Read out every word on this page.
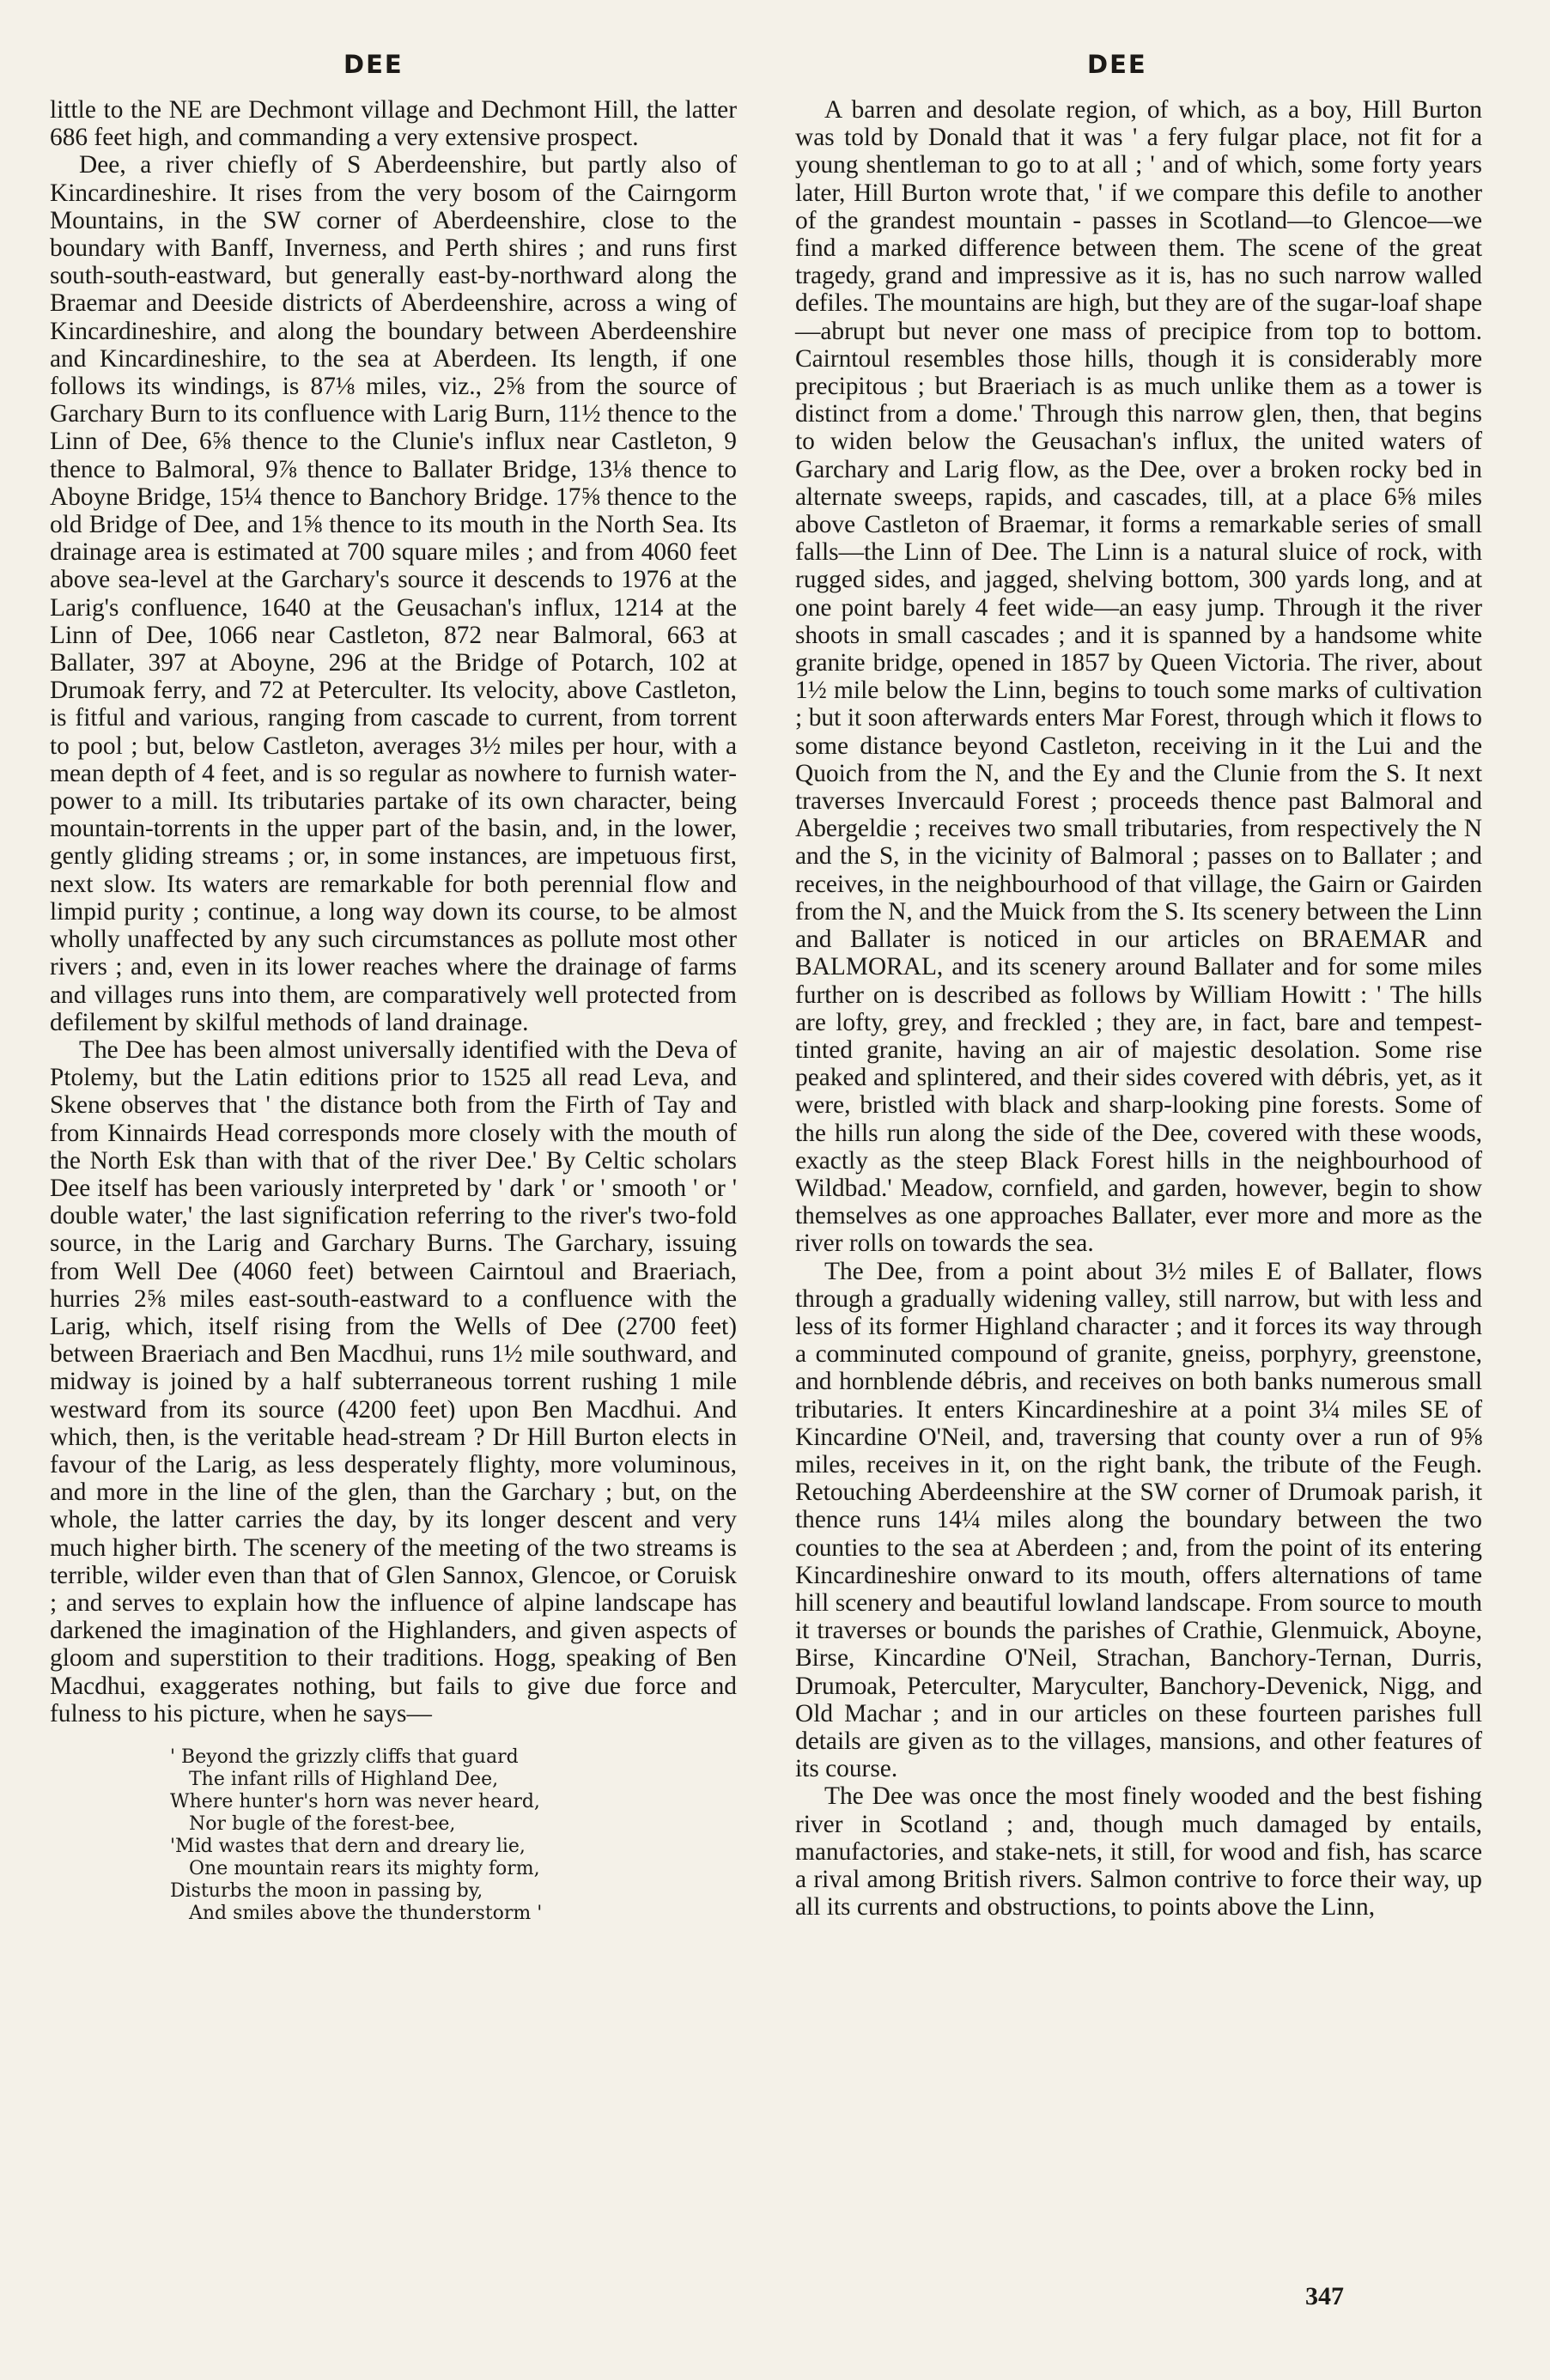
DEE	DEE

little to the NE are Dechmont village and Dechmont Hill, the latter 686 feet high, and commanding a very extensive prospect.

Dee, a river chiefly of S Aberdeenshire, but partly also of Kincardineshire. It rises from the very bosom of the Cairngorm Mountains, in the SW corner of Aberdeenshire, close to the boundary with Banff, Inverness, and Perth shires ; and runs first south-south-eastward, but generally east-by-northward along the Braemar and Deeside districts of Aberdeenshire, across a wing of Kincardineshire, and along the boundary between Aberdeenshire and Kincardineshire, to the sea at Aberdeen. Its length, if one follows its windings, is 87⅛ miles, viz., 2⅝ from the source of Garchary Burn to its confluence with Larig Burn, 11½ thence to the Linn of Dee, 6⅝ thence to the Clunie's influx near Castleton, 9 thence to Balmoral, 9⅞ thence to Ballater Bridge, 13⅛ thence to Aboyne Bridge, 15¼ thence to Banchory Bridge. 17⅝ thence to the old Bridge of Dee, and 1⅝ thence to its mouth in the North Sea. Its drainage area is estimated at 700 square miles ; and from 4060 feet above sea-level at the Garchary's source it descends to 1976 at the Larig's confluence, 1640 at the Geusachan's influx, 1214 at the Linn of Dee, 1066 near Castleton, 872 near Balmoral, 663 at Ballater, 397 at Aboyne, 296 at the Bridge of Potarch, 102 at Drumoak ferry, and 72 at Peterculter. Its velocity, above Castleton, is fitful and various, ranging from cascade to current, from torrent to pool ; but, below Castleton, averages 3½ miles per hour, with a mean depth of 4 feet, and is so regular as nowhere to furnish water-power to a mill. Its tributaries partake of its own character, being mountain-torrents in the upper part of the basin, and, in the lower, gently gliding streams ; or, in some instances, are impetuous first, next slow. Its waters are remarkable for both perennial flow and limpid purity ; continue, a long way down its course, to be almost wholly unaffected by any such circumstances as pollute most other rivers ; and, even in its lower reaches where the drainage of farms and villages runs into them, are comparatively well protected from defilement by skilful methods of land drainage.

The Dee has been almost universally identified with the Deva of Ptolemy, but the Latin editions prior to 1525 all read Leva, and Skene observes that ' the distance both from the Firth of Tay and from Kinnairds Head corresponds more closely with the mouth of the North Esk than with that of the river Dee.' By Celtic scholars Dee itself has been variously interpreted by ' dark ' or ' smooth ' or ' double water,' the last signification referring to the river's two-fold source, in the Larig and Garchary Burns. The Garchary, issuing from Well Dee (4060 feet) between Cairntoul and Braeriach, hurries 2⅝ miles east-south-eastward to a confluence with the Larig, which, itself rising from the Wells of Dee (2700 feet) between Braeriach and Ben Macdhui, runs 1½ mile southward, and midway is joined by a half subterraneous torrent rushing 1 mile westward from its source (4200 feet) upon Ben Macdhui. And which, then, is the veritable head-stream ? Dr Hill Burton elects in favour of the Larig, as less desperately flighty, more voluminous, and more in the line of the glen, than the Garchary ; but, on the whole, the latter carries the day, by its longer descent and very much higher birth. The scenery of the meeting of the two streams is terrible, wilder even than that of Glen Sannox, Glencoe, or Coruisk ; and serves to explain how the influence of alpine landscape has darkened the imagination of the Highlanders, and given aspects of gloom and superstition to their traditions. Hogg, speaking of Ben Macdhui, exaggerates nothing, but fails to give due force and fulness to his picture, when he says—

' Beyond the grizzly cliffs that guard
The infant rills of Highland Dee,
Where hunter's horn was never heard,
Nor bugle of the forest-bee,
'Mid wastes that dern and dreary lie,
One mountain rears its mighty form,
Disturbs the moon in passing by,
And smiles above the thunderstorm '

A barren and desolate region, of which, as a boy, Hill Burton was told by Donald that it was ' a fery fulgar place, not fit for a young shentleman to go to at all ; ' and of which, some forty years later, Hill Burton wrote that, ' if we compare this defile to another of the grandest mountain - passes in Scotland—to Glencoe—we find a marked difference between them. The scene of the great tragedy, grand and impressive as it is, has no such narrow walled defiles. The mountains are high, but they are of the sugar-loaf shape—abrupt but never one mass of precipice from top to bottom. Cairntoul resembles those hills, though it is considerably more precipitous ; but Braeriach is as much unlike them as a tower is distinct from a dome.' Through this narrow glen, then, that begins to widen below the Geusachan's influx, the united waters of Garchary and Larig flow, as the Dee, over a broken rocky bed in alternate sweeps, rapids, and cascades, till, at a place 6⅝ miles above Castleton of Braemar, it forms a remarkable series of small falls—the Linn of Dee. The Linn is a natural sluice of rock, with rugged sides, and jagged, shelving bottom, 300 yards long, and at one point barely 4 feet wide—an easy jump. Through it the river shoots in small cascades ; and it is spanned by a handsome white granite bridge, opened in 1857 by Queen Victoria. The river, about 1½ mile below the Linn, begins to touch some marks of cultivation ; but it soon afterwards enters Mar Forest, through which it flows to some distance beyond Castleton, receiving in it the Lui and the Quoich from the N, and the Ey and the Clunie from the S. It next traverses Invercauld Forest ; proceeds thence past Balmoral and Abergeldie ; receives two small tributaries, from respectively the N and the S, in the vicinity of Balmoral ; passes on to Ballater ; and receives, in the neighbourhood of that village, the Gairn or Gairden from the N, and the Muick from the S. Its scenery between the Linn and Ballater is noticed in our articles on BRAEMAR and BALMORAL, and its scenery around Ballater and for some miles further on is described as follows by William Howitt : ' The hills are lofty, grey, and freckled ; they are, in fact, bare and tempest-tinted granite, having an air of majestic desolation. Some rise peaked and splintered, and their sides covered with débris, yet, as it were, bristled with black and sharp-looking pine forests. Some of the hills run along the side of the Dee, covered with these woods, exactly as the steep Black Forest hills in the neighbourhood of Wildbad.' Meadow, cornfield, and garden, however, begin to show themselves as one approaches Ballater, ever more and more as the river rolls on towards the sea.

The Dee, from a point about 3½ miles E of Ballater, flows through a gradually widening valley, still narrow, but with less and less of its former Highland character ; and it forces its way through a comminuted compound of granite, gneiss, porphyry, greenstone, and hornblende débris, and receives on both banks numerous small tributaries. It enters Kincardineshire at a point 3¼ miles SE of Kincardine O'Neil, and, traversing that county over a run of 9⅝ miles, receives in it, on the right bank, the tribute of the Feugh. Retouching Aberdeenshire at the SW corner of Drumoak parish, it thence runs 14¼ miles along the boundary between the two counties to the sea at Aberdeen ; and, from the point of its entering Kincardineshire onward to its mouth, offers alternations of tame hill scenery and beautiful lowland landscape. From source to mouth it traverses or bounds the parishes of Crathie, Glenmuick, Aboyne, Birse, Kincardine O'Neil, Strachan, Banchory-Ternan, Durris, Drumoak, Peterculter, Maryculter, Banchory-Devenick, Nigg, and Old Machar ; and in our articles on these fourteen parishes full details are given as to the villages, mansions, and other features of its course.

The Dee was once the most finely wooded and the best fishing river in Scotland ; and, though much damaged by entails, manufactories, and stake-nets, it still, for wood and fish, has scarce a rival among British rivers. Salmon contrive to force their way, up all its currents and obstructions, to points above the Linn,

347
